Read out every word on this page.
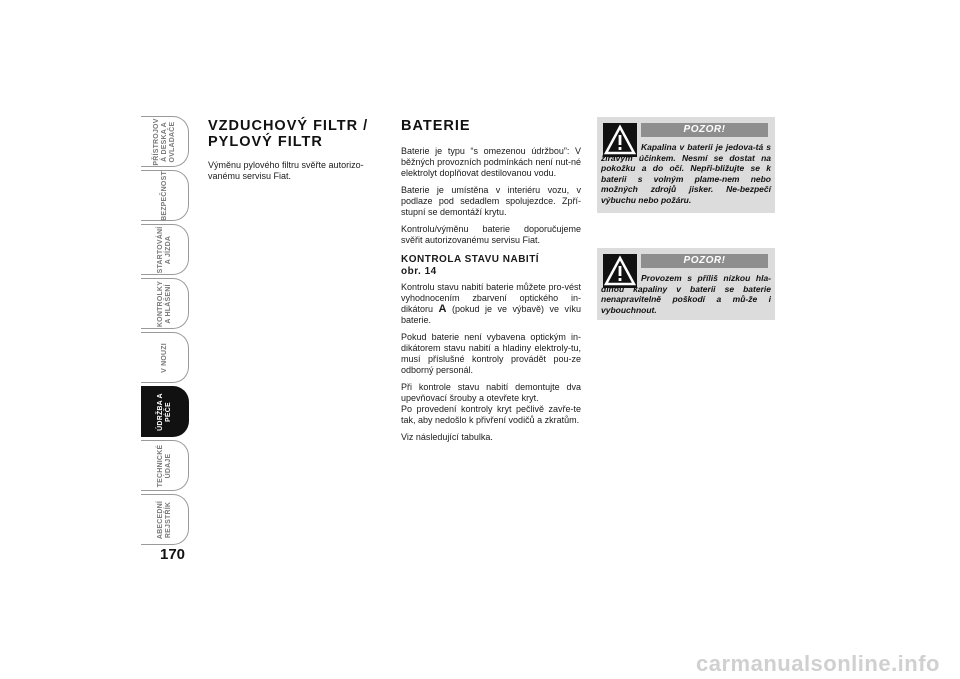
PŘÍSTROJOV
Á DESKA A
OVLADAČE
BEZPEČNOST
STARTOVÁNÍ
A JÍZDA
KONTROLKY
A HLÁŠENÍ
V NOUZI
ÚDRŽBA A
PÉČE
TECHNICKÉ
ÚDAJE
ABECEDNÍ
REJSTŘÍK
170
VZDUCHOVÝ FILTR / PYLOVÝ FILTR

Výměnu pylového filtru svěřte autorizo-vanému servisu Fiat.

BATERIE

Baterie je typu “s omezenou údržbou”: V běžných provozních podmínkách není nut-né elektrolyt doplňovat destilovanou vodu.

Baterie je umístěna v interiéru vozu, v podlaze pod sedadlem spolujezdce. Zpří-stupní se demontáží krytu.

Kontrolu/výměnu baterie doporučujeme svěřit autorizovanému servisu Fiat.

KONTROLA STAVU NABITÍ
obr. 14

Kontrolu stavu nabití baterie můžete pro-vést vyhodnocením zbarvení optického in-dikátoru A (pokud je ve výbavě) ve víku baterie.

Pokud baterie není vybavena optickým in-dikátorem stavu nabití a hladiny elektroly-tu, musí příslušné kontroly provádět pou-ze odborný personál.

Při kontrole stavu nabití demontujte dva upevňovací šrouby a otevřete kryt.

Po provedení kontroly kryt pečlivě zavře-te tak, aby nedošlo k přivření vodičů a zkratům.

Viz následující tabulka.

POZOR!
Kapalina v baterii je jedova-tá s žíravým účinkem. Nesmí se dostat na pokožku a do očí. Nepři-bližujte se k baterii s volným plame-nem nebo možných zdrojů jisker. Ne-bezpečí výbuchu nebo požáru.
POZOR!
Provozem s příliš nízkou hla-dinou kapaliny v baterii se baterie nenapravitelně poškodí a mů-že i vybouchnout.
carmanualsonline.info
